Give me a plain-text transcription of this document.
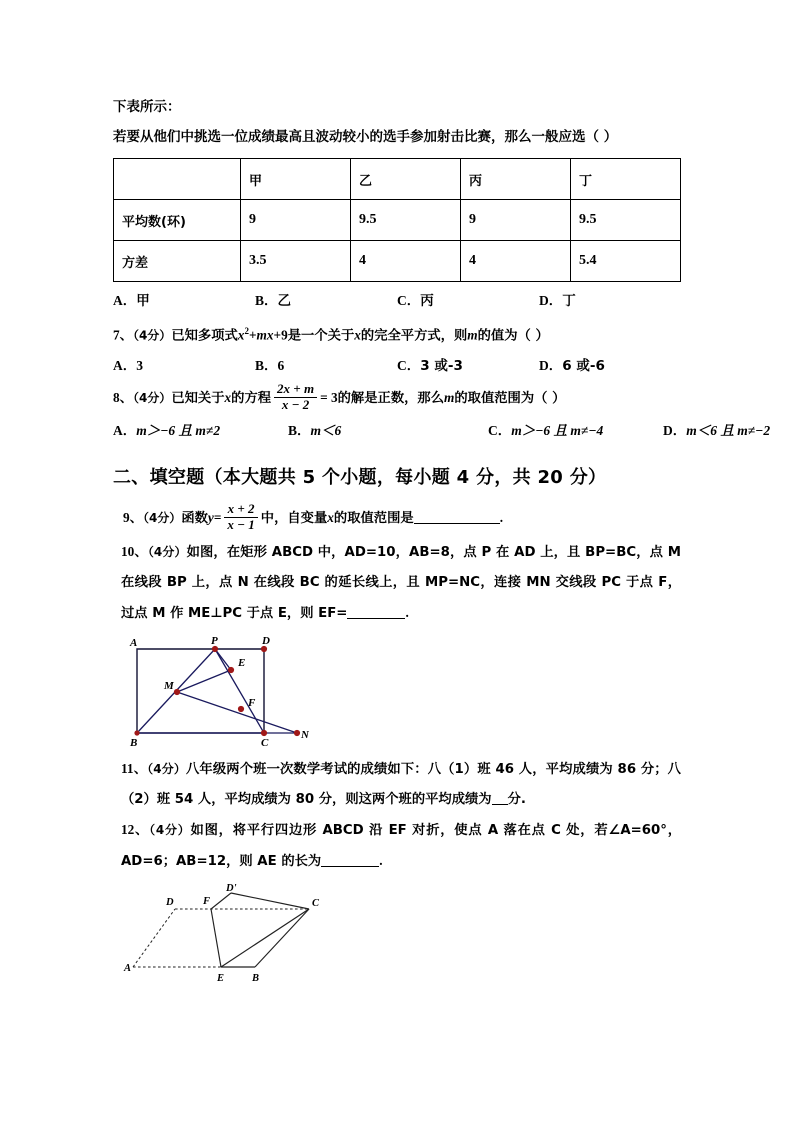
下表所示：
若要从他们中挑选一位成绩最高且波动较小的选手参加射击比赛，那么一般应选（ ）
	甲	乙	丙	丁
平均数(环)	9	9.5	9	9.5
方差	3.5	4	4	5.4
A．甲	B．乙	C．丙	D．丁
7、（4分）已知多项式$x^2+mx+9$是一个关于x的完全平方式，则m的值为（ ）
A．3	B．6	C．3 或-3	D．6 或-6
8、（4分）已知关于x的方程 $\frac{2x + m}{x - 2} = 3$的解是正数，那么m的取值范围为（ ）
A．m＞−6 且 m≠2	B．m＜6	C．m＞−6 且 m≠−4	D．m＜6 且 m≠−2
二、填空题（本大题共 5 个小题，每小题 4 分，共 20 分）
9、（4分）函数$y= \frac{x + 2}{x - 1}$ 中，自变量x的取值范围是	.
10、（4分）如图，在矩形 ABCD 中，AD=10，AB=8，点 P 在 AD 上，且 BP=BC，点 M 在线段 BP 上，点 N 在线段 BC 的延长线上，且 MP=NC，连接 MN 交线段 PC 于点 F，过点 M 作 ME⊥PC 于点 E，则 EF=	.
A	P	D
E
M
F
B	C
N
11、（4分）八年级两个班一次数学考试的成绩如下：八（1）班 46 人，平均成绩为 86 分；八（2）班 54 人，平均成绩为 80 分，则这两个班的平均成绩为 分.
12、（4分）如图，将平行四边形 ABCD 沿 EF 对折，使点 A 落在点 C 处，若∠A=60°，AD=6；AB=12，则 AE 的长为	.
D	F
D'
C
A
E	B
